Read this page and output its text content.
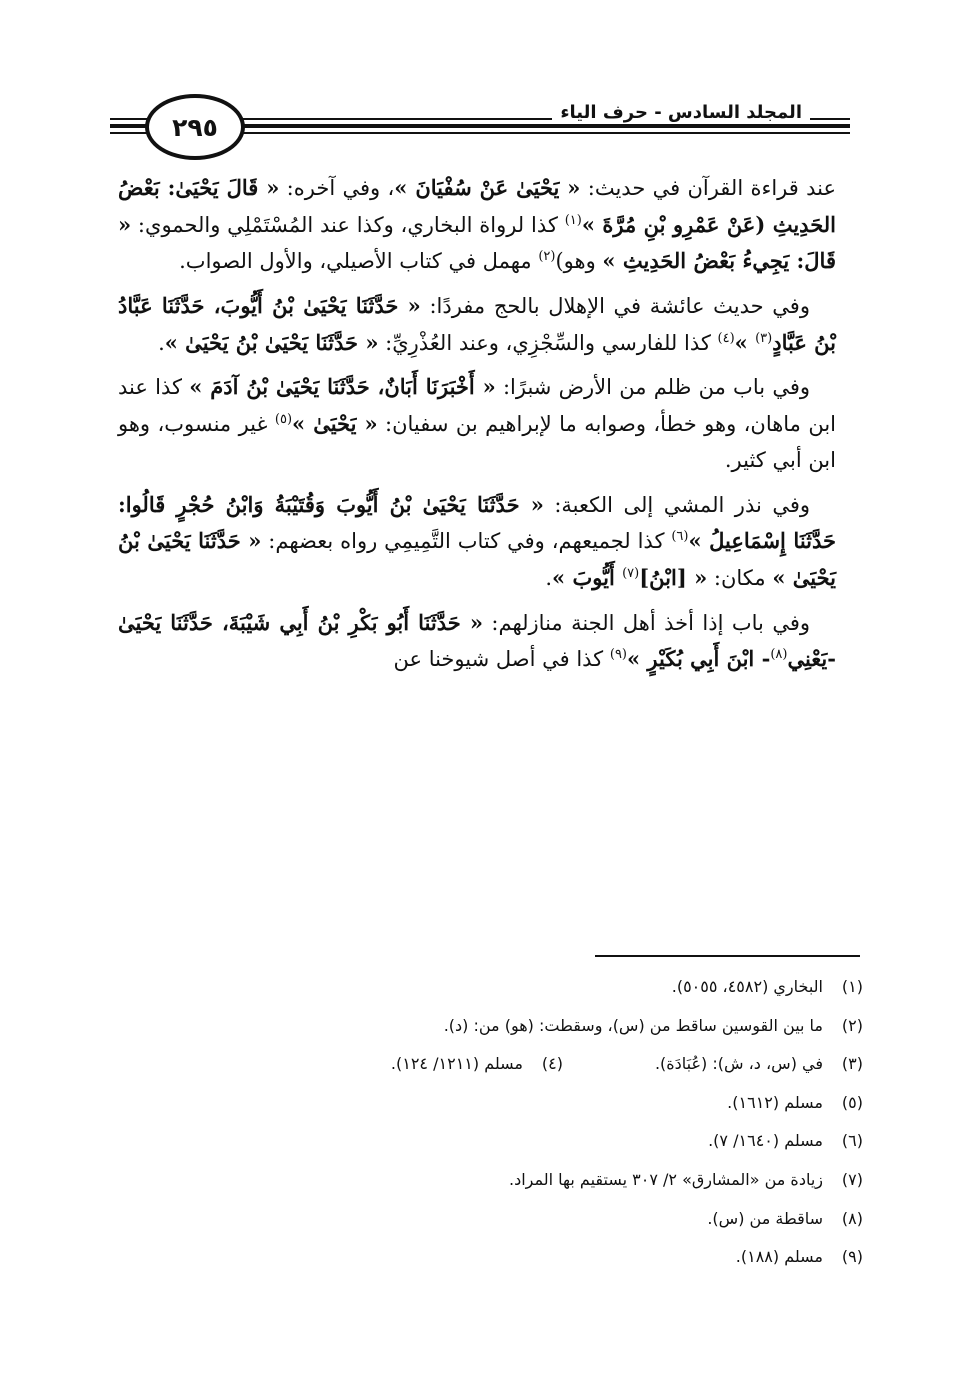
٢٩٥	المجلد السادس - حرف الياء

عند قراءة القرآن في حديث: « يَحْيَىٰ عَنْ سُفْيَانَ »، وفي آخره: « قَالَ يَحْيَىٰ: بَعْضُ الحَدِيثِ (عَنْ عَمْرِو بْنِ مُرَّةَ »$^{(١)}$ كذا لرواة البخاري، وكذا عند المُسْتَمْلِي والحموي: « قَالَ: يَجِيءُ بَعْضُ الحَدِيثِ » وهو)$^{(٢)}$ مهمل في كتاب الأصيلي، والأول الصواب.

وفي حديث عائشة في الإهلال بالحج مفردًا: « حَدَّثَنَا يَحْيَىٰ بْنُ أَيُّوبَ، حَدَّثَنَا عَبَّادُ بْنُ عَبَّادٍ$^{(٣)}$ »$^{(٤)}$ كذا للفارسي والسِّجْزِي، وعند العُذْرِيِّ: « حَدَّثَنَا يَحْيَىٰ بْنُ يَحْيَىٰ ».

وفي باب من ظلم من الأرض شبرًا: « أَخْبَرَنَا أَبَانٌ، حَدَّثَنَا يَحْيَىٰ بْنُ آدَمَ » كذا عند ابن ماهان، وهو خطأ، وصوابه ما لإبراهيم بن سفيان: « يَحْيَىٰ »$^{(٥)}$ غير منسوب، وهو ابن أبي كثير.

وفي نذر المشي إلى الكعبة: « حَدَّثَنَا يَحْيَىٰ بْنُ أَيُّوبَ وَقُتَيْبَةُ وَابْنُ حُجْرٍ قَالُوا: حَدَّثَنَا إِسْمَاعِيلُ »$^{(٦)}$ كذا لجميعهم، وفي كتاب التَّمِيمِي رواه بعضهم: « حَدَّثَنَا يَحْيَىٰ بْنُ يَحْيَىٰ » مكان: « [ابْنُ]$^{(٧)}$ أَيُّوبَ ».

وفي باب إذا أخذ أهل الجنة منازلهم: « حَدَّثَنَا أَبُو بَكْرِ بْنُ أَبِي شَيْبَةَ، حَدَّثَنَا يَحْيَىٰ -يَعْنِي$^{(٨)}$- ابْنَ أَبِي بُكَيْرٍ »$^{(٩)}$ كذا في أصل شيوخنا عن

(١)البخاري (٤٥٨٢، ٥٠٥٥).
(٢)ما بين القوسين ساقط من (س)، وسقطت: (هو) من: (د).
(٣)في (س، د، ش): (عُبَادَة).
(٤)مسلم (١٢١١/ ١٢٤).
(٥)مسلم (١٦١٢).
(٦)مسلم (١٦٤٠/ ٧).
(٧)زيادة من «المشارق» ٢/ ٣٠٧ يستقيم بها المراد.
(٨)ساقطة من (س).
(٩)مسلم (١٨٨).
